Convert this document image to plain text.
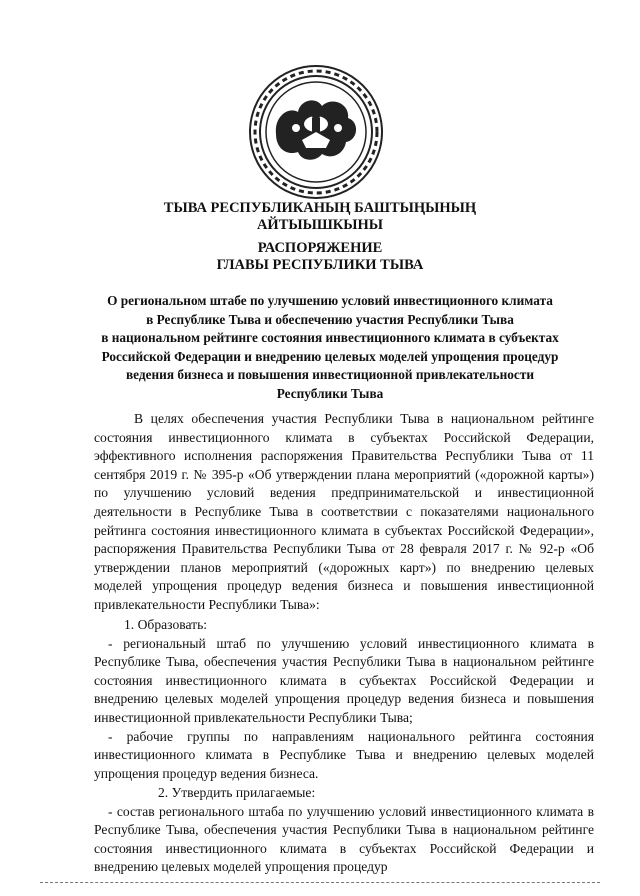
ТЫВА РЕСПУБЛИКАНЫҢ БАШТЫҢЫНЫҢ
АЙТЫЫШКЫНЫ
РАСПОРЯЖЕНИЕ
ГЛАВЫ РЕСПУБЛИКИ ТЫВА
О региональном штабе по улучшению условий инвестиционного климата
в Республике Тыва и обеспечению участия Республики Тыва
в национальном рейтинге состояния инвестиционного климата в субъектах
Российской Федерации и внедрению целевых моделей упрощения процедур
ведения бизнеса и повышения инвестиционной привлекательности
Республики Тыва
В целях обеспечения участия Республики Тыва в национальном рейтинге состояния инвестиционного климата в субъектах Российской Федерации, эффективного исполнения распоряжения Правительства Республики Тыва от 11 сентября 2019 г. № 395-р «Об утверждении плана мероприятий («дорожной карты») по улучшению условий ведения предпринимательской и инвестиционной деятельности в Республике Тыва в соответствии с показателями национального рейтинга состояния инвестиционного климата в субъектах Российской Федерации», распоряжения Правительства Республики Тыва от 28 февраля 2017 г. № 92-р «Об утверждении планов мероприятий («дорожных карт») по внедрению целевых моделей упрощения процедур ведения бизнеса и повышения инвестиционной привлекательности Республики Тыва»:
1. Образовать:
- региональный штаб по улучшению условий инвестиционного климата в Республике Тыва, обеспечения участия Республики Тыва в национальном рейтинге состояния инвестиционного климата в субъектах Российской Федерации и внедрению целевых моделей упрощения процедур ведения бизнеса и повышения инвестиционной привлекательности Республики Тыва;
- рабочие группы по направлениям национального рейтинга состояния инвестиционного климата в Республике Тыва и внедрению целевых моделей упрощения процедур ведения бизнеса.
2. Утвердить прилагаемые:
- состав регионального штаба по улучшению условий инвестиционного климата в Республике Тыва, обеспечения участия Республики Тыва в национальном рейтинге состояния инвестиционного климата в субъектах Российской Федерации и внедрению целевых моделей упрощения процедур
